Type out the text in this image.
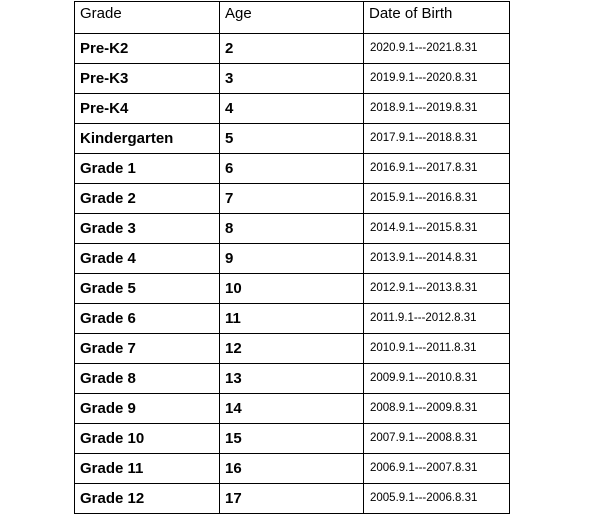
Grade	Age	Date of Birth
Pre-K2	2	2020.9.1---2021.8.31
Pre-K3	3	2019.9.1---2020.8.31
Pre-K4	4	2018.9.1---2019.8.31
Kindergarten	5	2017.9.1---2018.8.31
Grade 1	6	2016.9.1---2017.8.31
Grade 2	7	2015.9.1---2016.8.31
Grade 3	8	2014.9.1---2015.8.31
Grade 4	9	2013.9.1---2014.8.31
Grade 5	10	2012.9.1---2013.8.31
Grade 6	11	2011.9.1---2012.8.31
Grade 7	12	2010.9.1---2011.8.31
Grade 8	13	2009.9.1---2010.8.31
Grade 9	14	2008.9.1---2009.8.31
Grade 10	15	2007.9.1---2008.8.31
Grade 11	16	2006.9.1---2007.8.31
Grade 12	17	2005.9.1---2006.8.31
